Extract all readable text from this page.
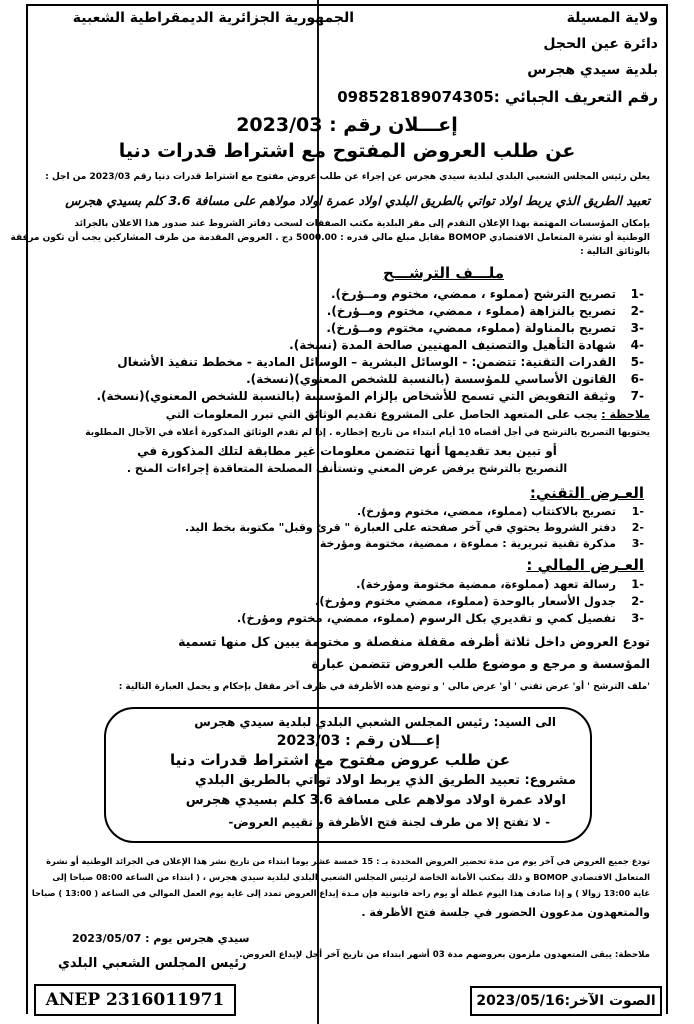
الجمهورية الجزائرية الديمقراطية الشعبية	ولاية المسيلة
دائرة عين الحجل
بلدية سيدي هجرس
رقم التعريف الجبائي :098528189074305
إعـــلان رقم : 2023/03
عن طلب العروض المفتوح مع اشتراط قدرات دنيا
يعلن رئيس المجلس الشعبي البلدي لبلدية سيدي هجرس عن إجراء عن طلب عروض مفتوح مع اشتراط قدرات دنيا رقم 2023/03 من اجل :
تعبيد الطريق الذي يربط اولاد تواتي بالطريق البلدي اولاد عمرة اولاد مولاهم على مسافة 3.6 كلم بسيدي هجرس
بإمكان المؤسسات المهتمة بهذا الإعلان التقدم إلى مقر البلدية مكتب الصفقات لسحب دفاتر الشروط عند صدور هذا الاعلان بالجرائد
الوطنية أو نشرة المتعامل الاقتصادي BOMOP مقابل مبلغ مالي قدره : 5000.00 دج . العروض المقدمة من طرف المشاركين يجب أن تكون مرفقة
بالوثائق التالية :
ملـــف الترشـــح
-1
تصريح الترشح (مملوء ، ممضي، مختوم ومــؤرخ).
-2
تصريح بالنزاهة (مملوء ، ممضي، مختوم ومــؤرخ).
-3
تصريح بالمناولة (مملوء، ممضي، مختوم ومــؤرخ).
-4
شهادة التأهيل والتصنيف المهنيين صالحة المدة (نسخة).
-5
القدرات التقنية: تتضمن: - الوسائل البشرية – الوسائل المادية - مخطط تنفيذ الأشغال
-6
القانون الأساسي للمؤسسة (بالنسبة للشخص المعنوي)(نسخة).
-7
وثيقة التفويض التي تسمح للأشخاص بإلزام المؤسسة (بالنسبة للشخص المعنوي)(نسخة).
ملاحظة : يجب على المتعهد الحاصل على المشروع تقديم الوثائق التي تبرر المعلومات التي
يحتويها التصريح بالترشح في أجل أقصاه 10 أيام ابتداء من تاريخ إخطاره . إذا لم تقدم الوثائق المذكورة أعلاه في الآجال المطلوبة
أو تبين بعد تقديمها أنها تتضمن معلومات غير مطابقة لتلك المذكورة في
التصريح بالترشح يرفض عرض المعني وتستأنف المصلحة المتعاقدة إجراءات المنح .
العـرض التقني:
-1
تصريح بالاكتتاب (مملوء، ممضي، مختوم ومؤرخ).
-2
دفتر الشروط يحتوي في آخر صفحته على العبارة " قرئ وقبل" مكتوبة بخط اليد.
-3
مذكرة تقنية تبريرية : مملوءة ، ممضية، مختومة ومؤرخة
العـرض المالي :
-1
رسالة تعهد (مملوءة، ممضية مختومة ومؤرخة).
-2
جدول الأسعار بالوحدة (مملوء، ممضي مختوم ومؤرخ).
-3
تفصيل كمي و تقديري بكل الرسوم (مملوء، ممضي، مختوم ومؤرخ).
تودع العروض داخل ثلاثة أظرفه مقفلة منفصلة و مختومة يبين كل منها تسمية
المؤسسة و مرجع و موضوع طلب العروض تتضمن عبارة
'ملف الترشح ' أو' عرض تقني ' أو' عرض مالي ' و توضع هذه الأظرفة في ظرف آخر مقفل بإحكام و يحمل العبارة التالية :
الى السيد: رئيس المجلس الشعبي البلدي لبلدية سيدي هجرس
إعـــلان رقم : 2023/03
عن طلب عروض مفتوح مع اشتراط قدرات دنيا
مشروع: تعبيد الطريق الذي يربط اولاد تواتي بالطريق البلدي
اولاد عمرة اولاد مولاهم على مسافة 3.6 كلم بسيدي هجرس
- لا تفتح إلا من طرف لجنة فتح الأظرفة و تقييم العروض-
تودع جميع العروض في آخر يوم من مدة تحضير العروض المحددة بـ : 15 خمسة عشر يوما ابتداء من تاريخ نشر هذا الإعلان في الجرائد الوطنية أو نشرة
المتعامل الاقتصادي BOMOP و ذلك بمكتب الأمانة الخاصة لرئيس المجلس الشعبي البلدي لبلدية سيدي هجرس ، ( ابتداء من الساعة 08:00 صباحا إلى
غاية 13:00 زوالا ) و إذا صادف هذا اليوم عطلة أو يوم راحة قانونية فإن مـدة إيداع العروض تمدد إلى غاية يوم العمل الموالي في الساعة ( 13:00 ) صباحا
والمتعهدون مدعوون الحضور في جلسة فتح الأظرفة .
سيدي هجرس يوم : 2023/05/07
رئيس المجلس الشعبي البلدي
ملاحظة: يبقى المتعهدون ملزمون بعروضهم مدة 03 أشهر ابتداء من تاريخ آخر أجل لإيداع العروض.
ANEP 2316011971	الصوت الآخر:2023/05/16
